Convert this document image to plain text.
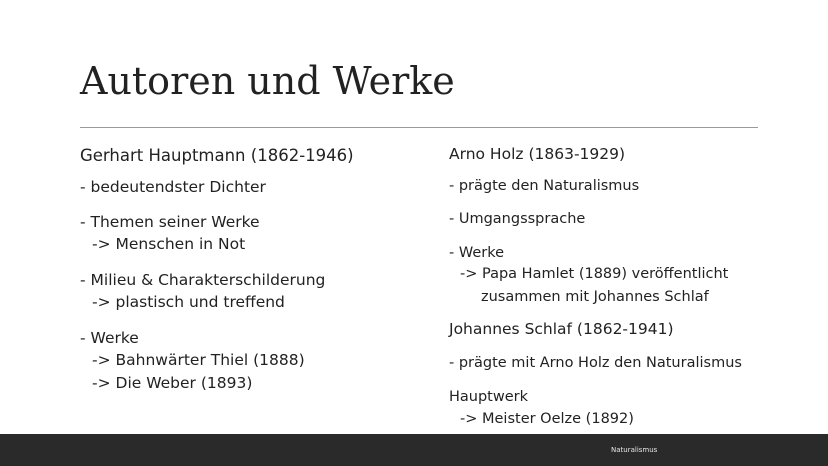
Autoren und Werke
Gerhart Hauptmann (1862-1946)
- bedeutendster Dichter
- Themen seiner Werke
-> Menschen in Not
- Milieu & Charakterschilderung
-> plastisch und treffend
- Werke
-> Bahnwärter Thiel (1888)
-> Die Weber (1893)
Arno Holz (1863-1929)
- prägte den Naturalismus
- Umgangssprache
- Werke
-> Papa Hamlet (1889) veröffentlicht
zusammen mit Johannes Schlaf
Johannes Schlaf (1862-1941)
- prägte mit Arno Holz den Naturalismus
Hauptwerk
-> Meister Oelze (1892)
Naturalismus
